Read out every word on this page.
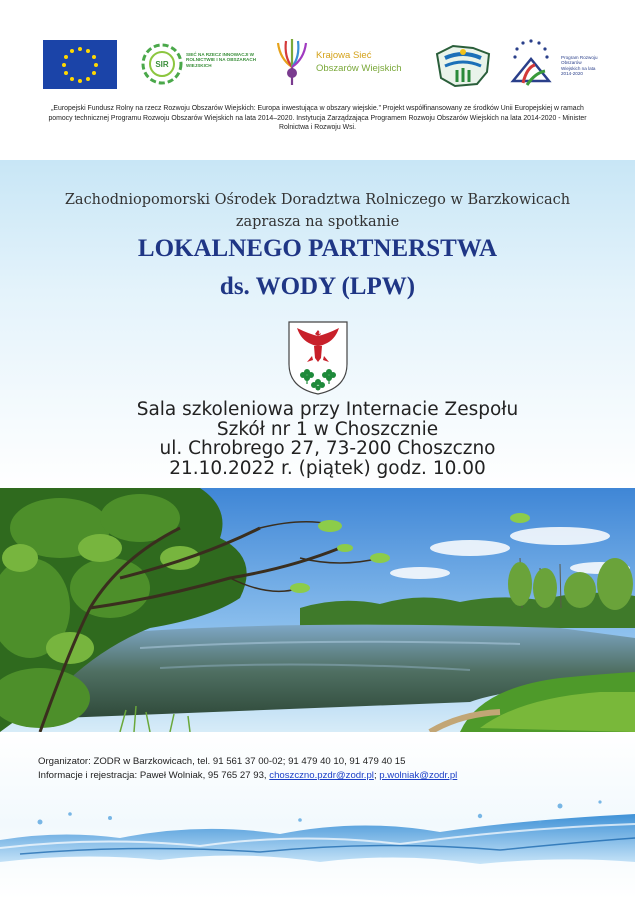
SIR
SIEĆ NA RZECZ INNOWACJI W ROLNICTWIE I NA OBSZARACH WIEJSKICH
Krajowa Sieć
Obszarów Wiejskich
Program Rozwoju Obszarów Wiejskich na lata 2014-2020
„Europejski Fundusz Rolny na rzecz Rozwoju Obszarów Wiejskich: Europa inwestująca w obszary wiejskie.” Projekt współfinansowany ze środków Unii Europejskiej w ramach pomocy technicznej Programu Rozwoju Obszarów Wiejskich na lata 2014–2020. Instytucja Zarządzająca Programem Rozwoju Obszarów Wiejskich na lata 2014-2020 - Minister Rolnictwa i Rozwoju Wsi.
Zachodniopomorski Ośrodek Doradztwa Rolniczego w Barzkowicach
zaprasza na spotkanie
LOKALNEGO PARTNERSTWA
ds. WODY (LPW)
Sala szkoleniowa przy Internacie Zespołu
Szkół nr 1 w Choszcznie
ul. Chrobrego 27, 73-200 Choszczno
21.10.2022 r. (piątek) godz. 10.00
Organizator: ZODR w Barzkowicach, tel. 91 561 37 00-02; 91 479 40 10, 91 479 40 15
Informacje i rejestracja: Paweł Wolniak, 95 765 27 93, choszczno.pzdr@zodr.pl; p.wolniak@zodr.pl
